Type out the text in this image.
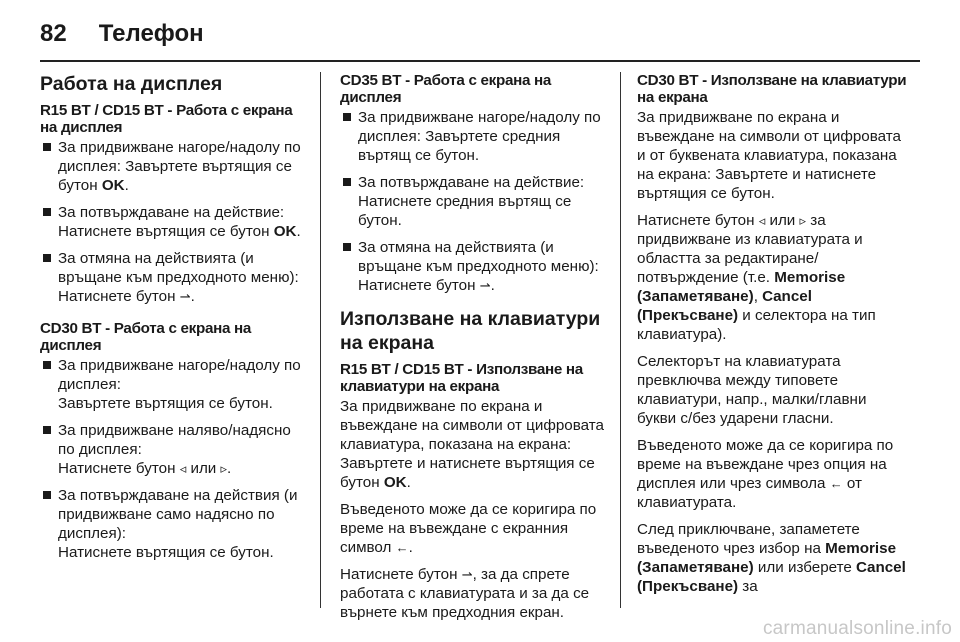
82 Телефон
Работа на дисплея
R15 BT / CD15 BT - Работа с екрана на дисплея
За придвижване нагоре/надолу по дисплея: Завъртете въртящия се бутон OK.
За потвърждаване на действие: Натиснете въртящия се бутон OK.
За отмяна на действията (и връщане към предходното меню): Натиснете бутон ⇀.
CD30 BT - Работа с екрана на дисплея
За придвижване нагоре/надолу по дисплея:
Завъртете въртящия се бутон.
За придвижване наляво/надясно по дисплея:
Натиснете бутон ◃ или ▹.
За потвърждаване на действия (и придвижване само надясно по дисплея):
Натиснете въртящия се бутон.
CD35 BT - Работа с екрана на дисплея
За придвижване нагоре/надолу по дисплея: Завъртете средния въртящ се бутон.
За потвърждаване на действие: Натиснете средния въртящ се бутон.
За отмяна на действията (и връщане към предходното меню): Натиснете бутон ⇀.
Използване на клавиатури на екрана
R15 BT / CD15 BT - Използване на клавиатури на екрана

За придвижване по екрана и въвеждане на символи от цифровата клавиатура, показана на екрана: Завъртете и натиснете въртящия се бутон OK.

Въведеното може да се коригира по време на въвеждане с екранния символ ←.

Натиснете бутон ⇀, за да спрете работата с клавиатурата и за да се върнете към предходния екран.

CD30 BT - Използване на клавиатури на екрана

За придвижване по екрана и въвеждане на символи от цифровата и от буквената клавиатура, показана на екрана: Завъртете и натиснете въртящия се бутон.

Натиснете бутон ◃ или ▹ за придвижване из клавиатурата и областта за редактиране/потвърждение (т.е. Memorise (Запаметяване), Cancel (Прекъсване) и селектора на тип клавиатура).

Селекторът на клавиатурата превключва между типовете клавиатури, напр., малки/главни букви с/без ударени гласни.

Въведеното може да се коригира по време на въвеждане чрез опция на дисплея или чрез символа ← от клавиатурата.

След приключване, запаметете въведеното чрез избор на Memorise (Запаметяване) или изберете Cancel (Прекъсване) за

carmanualsonline.info
